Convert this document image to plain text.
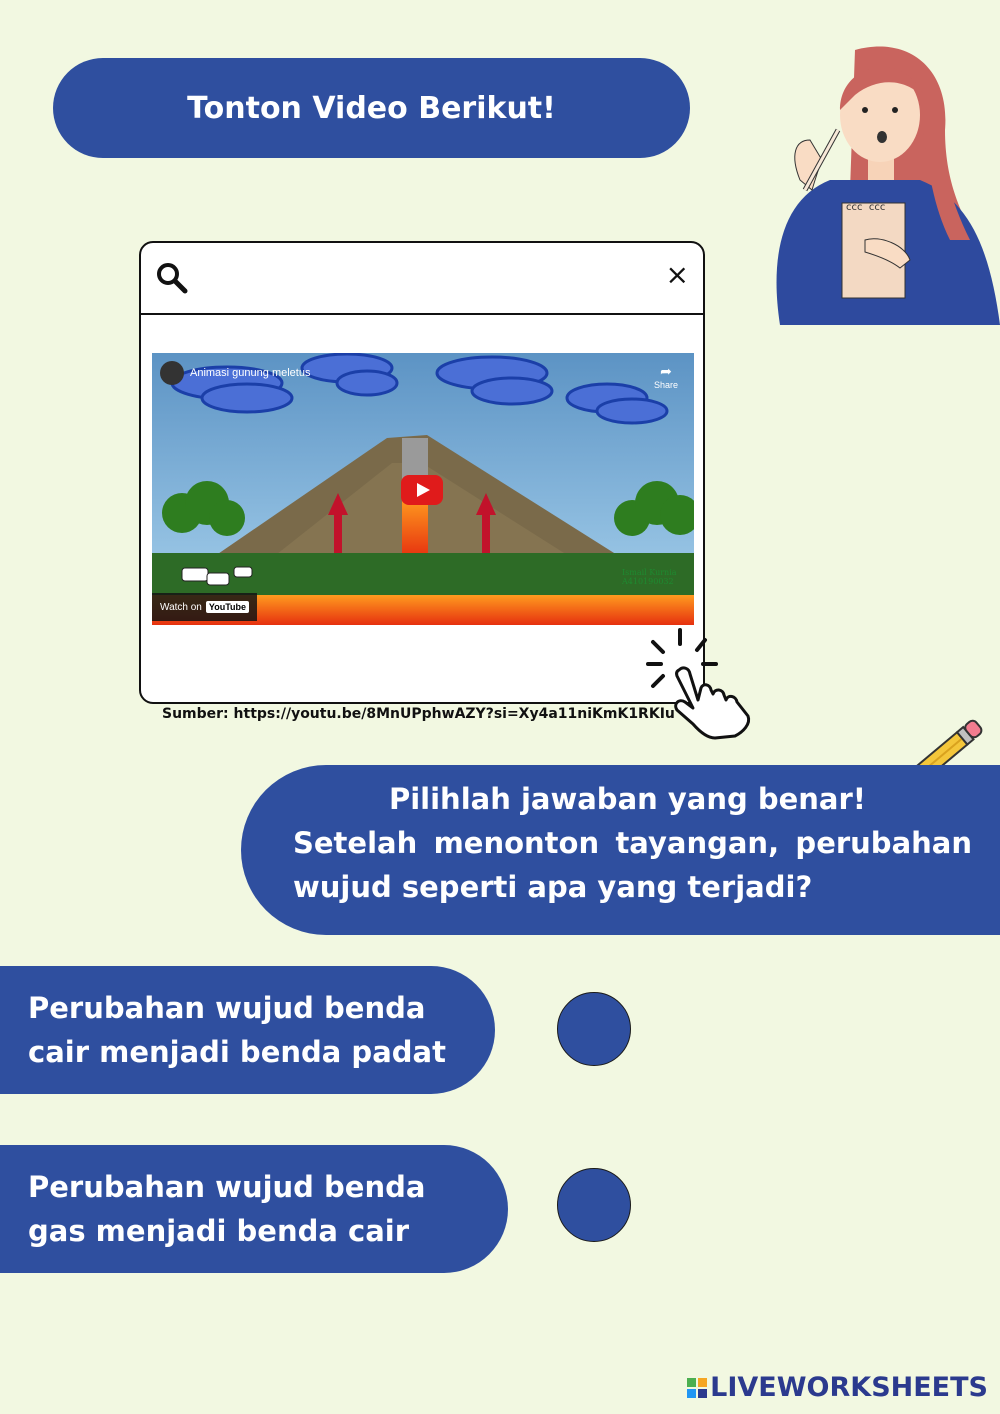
Tonton Video Berikut!
ccc  ccc
×
Ismail Kurnia
A410190032
Animasi gunung meletus	➦
Share
Watch on YouTube
Sumber: https://youtu.be/8MnUPphwAZY?si=Xy4a11niKmK1RKIu
Pilihlah jawaban yang benar!
Setelah menonton tayangan, perubahan wujud seperti apa yang terjadi?
Perubahan wujud benda
cair menjadi benda padat
Perubahan wujud benda
gas menjadi benda cair
LIVEWORKSHEETS
